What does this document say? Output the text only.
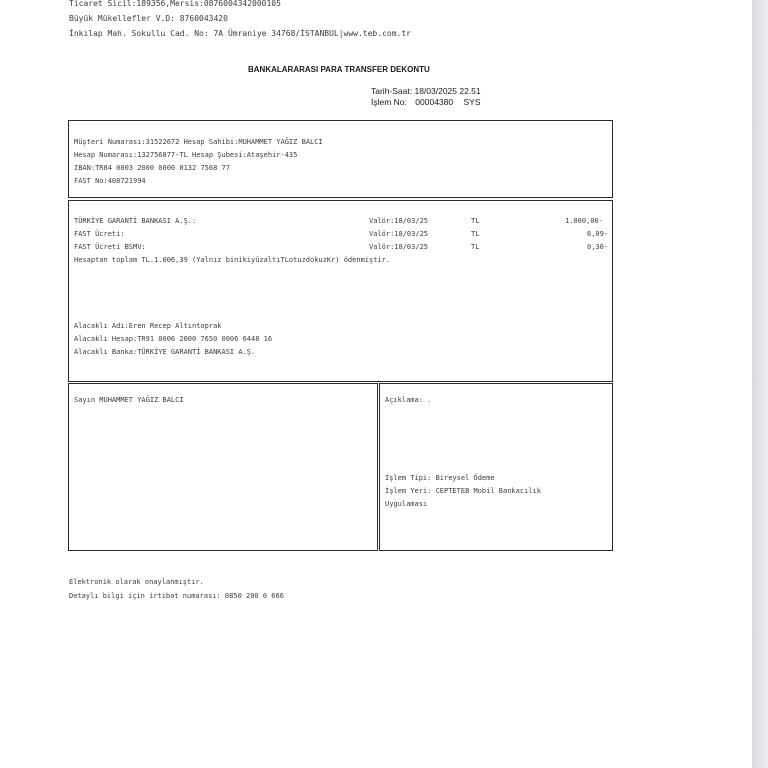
Ticaret Sicil:189356,Mersis:0876004342000105
Büyük Mükellefler V.D: 8760043420
İnkılap Mah. Sokullu Cad. No: 7A Ümraniye 34768/İSTANBUL|www.teb.com.tr
BANKALARARASI PARA TRANSFER DEKONTU
Tarih-Saat: 18/03/2025 22.51
İşlem No: 00004380 SYS
Müşteri Numarası:31522672 Hesap Sahibi:MUHAMMET YAĞIZ BALCI
Hesap Numarası:132756877-TL Hesap Şubesi:Ataşehir-435
IBAN:TR84 0003 2000 0000 0132 7568 77
FAST No:408721994
TÜRKİYE GARANTİ BANKASI A.Ş.:	Valör:18/03/25	TL	1.000,00-
FAST Ücreti:	Valör:18/03/25	TL	6,09-
FAST Ücreti BSMV:	Valör:18/03/25	TL	0,30-
Hesaptan toplam TL.1.006,39 (Yalnız binikiyüzaltıTLotuzdokuzKr) ödenmiştir.
Alacaklı Adı:Eren Recep Altıntoprak
Alacaklı Hesap:TR91 0006 2000 7650 0006 6448 16
Alacaklı Banka:TÜRKİYE GARANTİ BANKASI A.Ş.
Sayın MUHAMMET YAĞIZ BALCI	Açıklama: .
İşlem Tipi: Bireysel Ödeme
İşlem Yeri: CEPTETEB Mobil Bankacılık
Uygulaması
Elektronik olarak onaylanmıştır.
Detaylı bilgi için irtibat numarası: 0850 200 0 666
